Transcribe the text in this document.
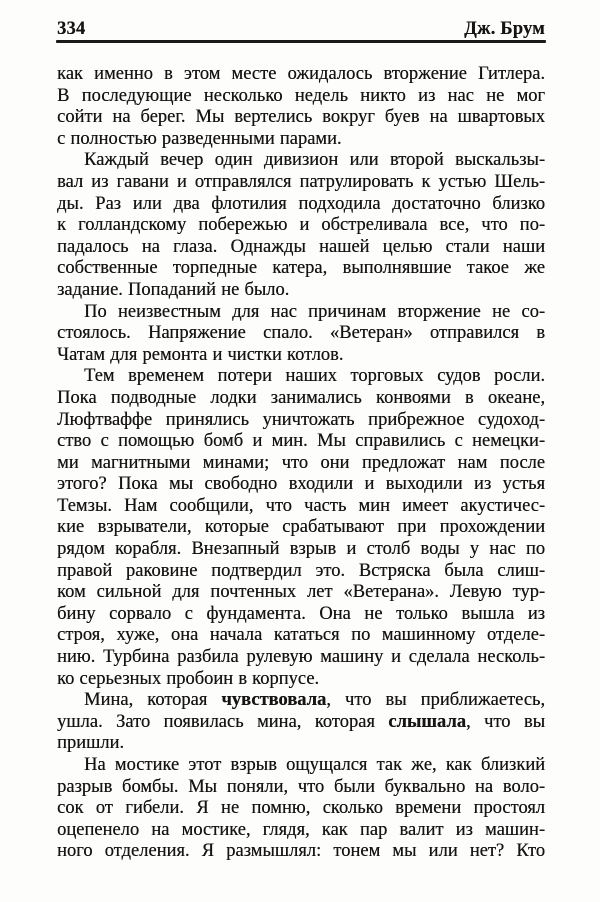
334	Дж. Брум
как именно в этом месте ожидалось вторжение Гитлера.
В последующие несколько недель никто из нас не мог
сойти на берег. Мы вертелись вокруг буев на швартовых
с полностью разведенными парами.
Каждый вечер один дивизион или второй выскальзы-
вал из гавани и отправлялся патрулировать к устью Шель-
ды. Раз или два флотилия подходила достаточно близко
к голландскому побережью и обстреливала все, что по-
падалось на глаза. Однажды нашей целью стали наши
собственные торпедные катера, выполнявшие такое же
задание. Попаданий не было.
По неизвестным для нас причинам вторжение не со-
стоялось. Напряжение спало. «Ветеран» отправился в
Чатам для ремонта и чистки котлов.
Тем временем потери наших торговых судов росли.
Пока подводные лодки занимались конвоями в океане,
Люфтваффе принялись уничтожать прибрежное судоход-
ство с помощью бомб и мин. Мы справились с немецки-
ми магнитными минами; что они предложат нам после
этого? Пока мы свободно входили и выходили из устья
Темзы. Нам сообщили, что часть мин имеет акустичес-
кие взрыватели, которые срабатывают при прохождении
рядом корабля. Внезапный взрыв и столб воды у нас по
правой раковине подтвердил это. Встряска была слиш-
ком сильной для почтенных лет «Ветерана». Левую тур-
бину сорвало с фундамента. Она не только вышла из
строя, хуже, она начала кататься по машинному отделе-
нию. Турбина разбила рулевую машину и сделала несколь-
ко серьезных пробоин в корпусе.
Мина, которая чувствовала, что вы приближаетесь,
ушла. Зато появилась мина, которая слышала, что вы
пришли.
На мостике этот взрыв ощущался так же, как близкий
разрыв бомбы. Мы поняли, что были буквально на воло-
сок от гибели. Я не помню, сколько времени простоял
оцепенело на мостике, глядя, как пар валит из машин-
ного отделения. Я размышлял: тонем мы или нет? Кто
